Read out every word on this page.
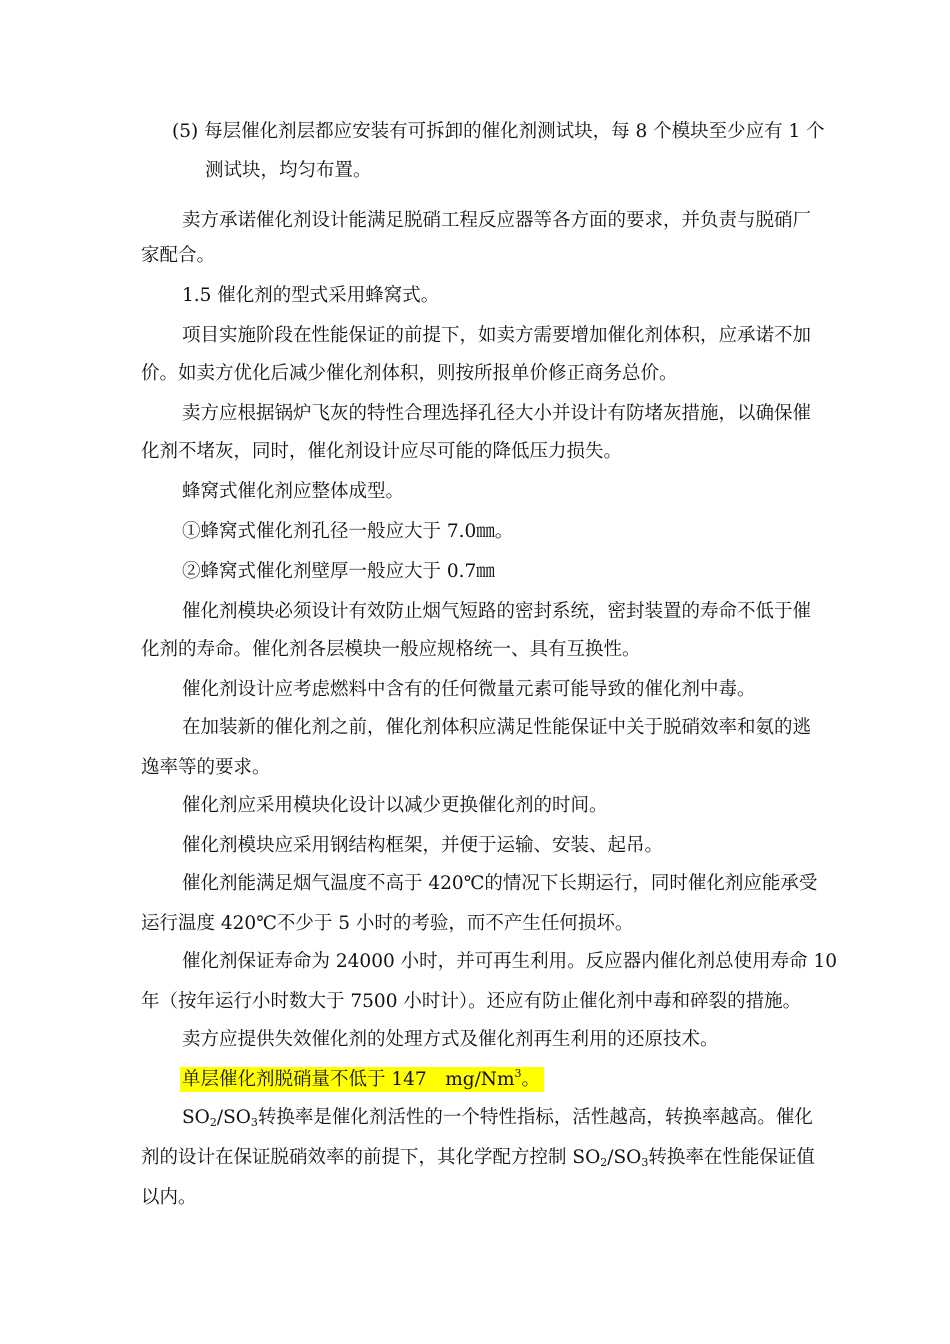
(5) 每层催化剂层都应安装有可拆卸的催化剂测试块，每 8 个模块至少应有 1 个
测试块，均匀布置。
卖方承诺催化剂设计能满足脱硝工程反应器等各方面的要求，并负责与脱硝厂
家配合。
1.5 催化剂的型式采用蜂窝式。
项目实施阶段在性能保证的前提下，如卖方需要增加催化剂体积，应承诺不加
价。如卖方优化后减少催化剂体积，则按所报单价修正商务总价。
卖方应根据锅炉飞灰的特性合理选择孔径大小并设计有防堵灰措施，以确保催
化剂不堵灰，同时，催化剂设计应尽可能的降低压力损失。
蜂窝式催化剂应整体成型。
①蜂窝式催化剂孔径一般应大于 7.0㎜。
②蜂窝式催化剂壁厚一般应大于 0.7㎜
催化剂模块必须设计有效防止烟气短路的密封系统，密封装置的寿命不低于催
化剂的寿命。催化剂各层模块一般应规格统一、具有互换性。
催化剂设计应考虑燃料中含有的任何微量元素可能导致的催化剂中毒。
在加装新的催化剂之前，催化剂体积应满足性能保证中关于脱硝效率和氨的逃
逸率等的要求。
催化剂应采用模块化设计以减少更换催化剂的时间。
催化剂模块应采用钢结构框架，并便于运输、安装、起吊。
催化剂能满足烟气温度不高于 420℃的情况下长期运行，同时催化剂应能承受
运行温度 420℃不少于 5 小时的考验，而不产生任何损坏。
催化剂保证寿命为 24000 小时，并可再生利用。反应器内催化剂总使用寿命 10
年（按年运行小时数大于 7500 小时计）。还应有防止催化剂中毒和碎裂的措施。
卖方应提供失效催化剂的处理方式及催化剂再生利用的还原技术。
单层催化剂脱硝量不低于 147　mg/Nm$^3$。
$SO_2/SO_3$转换率是催化剂活性的一个特性指标，活性越高，转换率越高。催化
剂的设计在保证脱硝效率的前提下，其化学配方控制 $SO_2/SO_3$转换率在性能保证值
以内。
